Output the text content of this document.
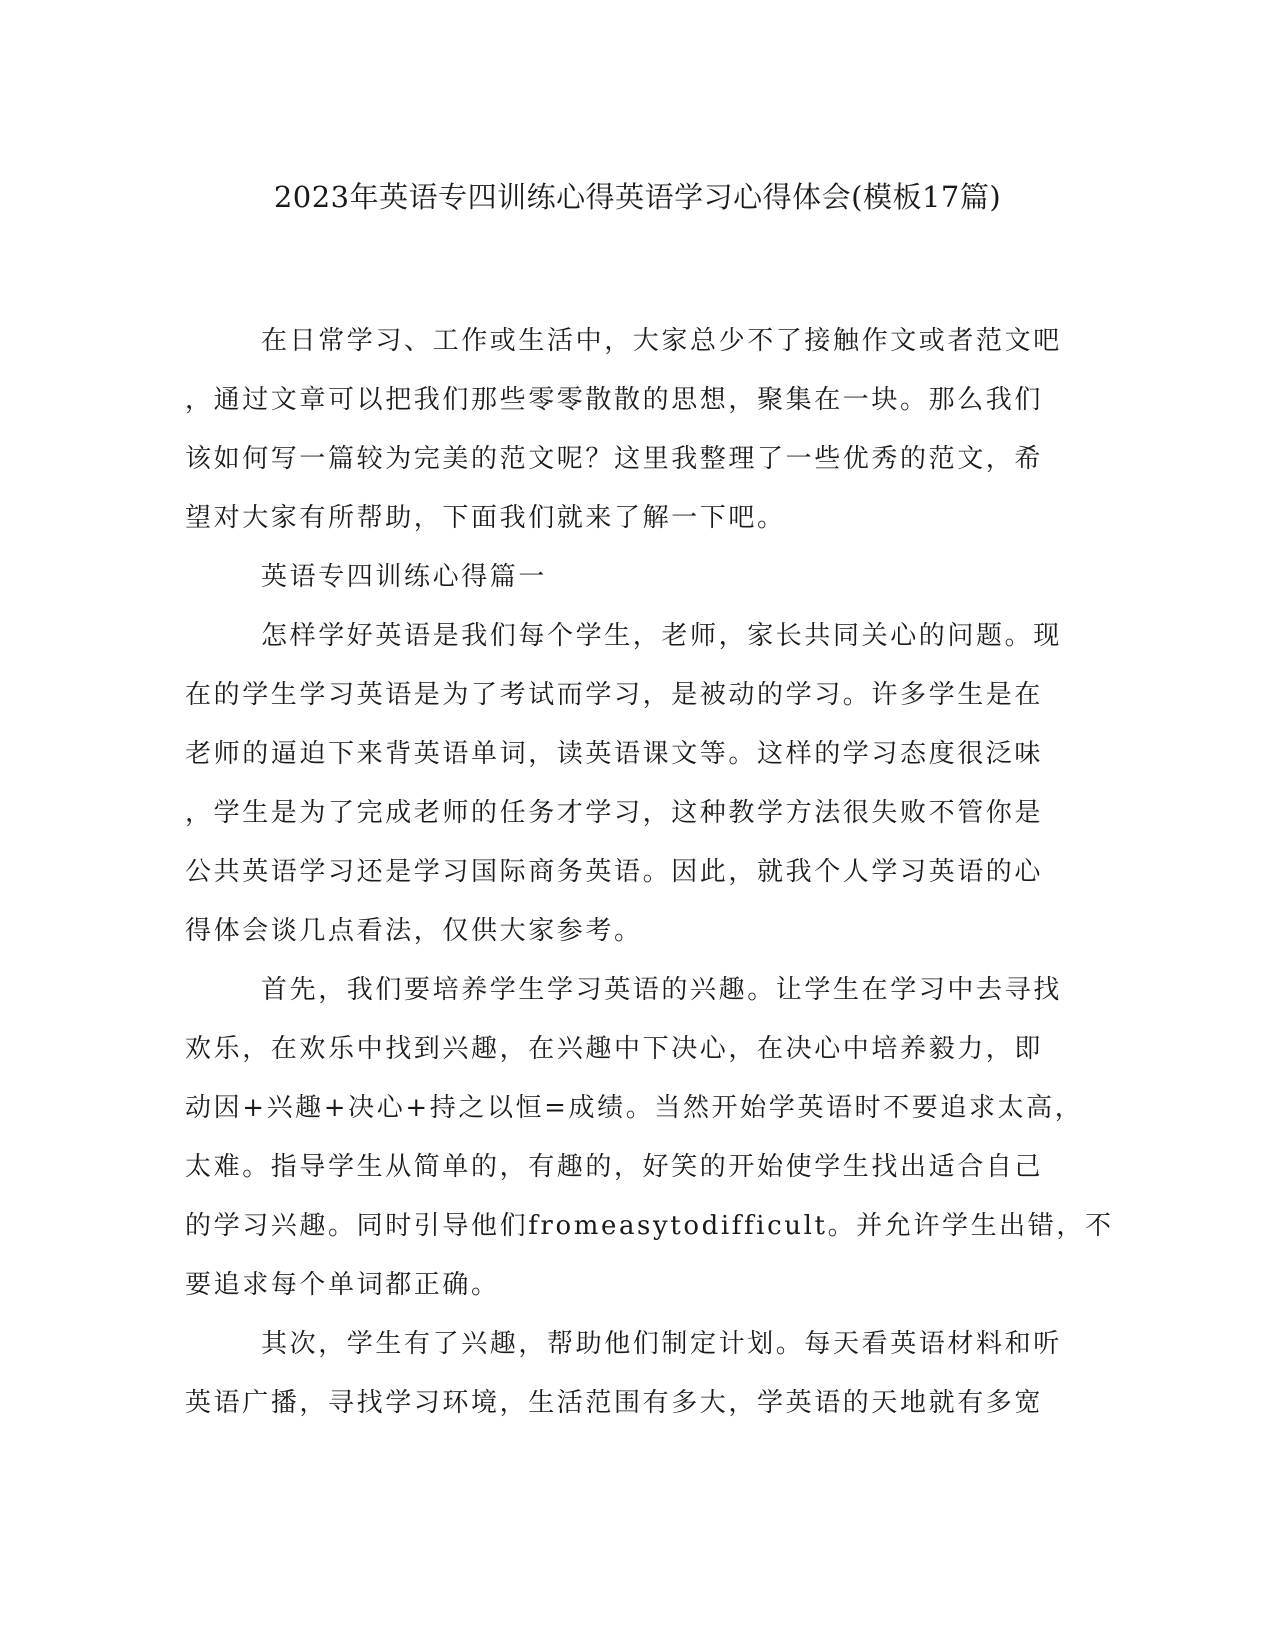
2023年英语专四训练心得英语学习心得体会(模板17篇)
在日常学习、工作或生活中，大家总少不了接触作文或者范文吧
，通过文章可以把我们那些零零散散的思想，聚集在一块。那么我们
该如何写一篇较为完美的范文呢？这里我整理了一些优秀的范文，希
望对大家有所帮助，下面我们就来了解一下吧。
英语专四训练心得篇一
怎样学好英语是我们每个学生，老师，家长共同关心的问题。现
在的学生学习英语是为了考试而学习，是被动的学习。许多学生是在
老师的逼迫下来背英语单词，读英语课文等。这样的学习态度很泛味
，学生是为了完成老师的任务才学习，这种教学方法很失败不管你是
公共英语学习还是学习国际商务英语。因此，就我个人学习英语的心
得体会谈几点看法，仅供大家参考。
首先，我们要培养学生学习英语的兴趣。让学生在学习中去寻找
欢乐，在欢乐中找到兴趣，在兴趣中下决心，在决心中培养毅力，即
动因+兴趣+决心+持之以恒=成绩。当然开始学英语时不要追求太高，
太难。指导学生从简单的，有趣的，好笑的开始使学生找出适合自己
的学习兴趣。同时引导他们fromeasytodifficult。并允许学生出错，不
要追求每个单词都正确。
其次，学生有了兴趣，帮助他们制定计划。每天看英语材料和听
英语广播，寻找学习环境，生活范围有多大，学英语的天地就有多宽
